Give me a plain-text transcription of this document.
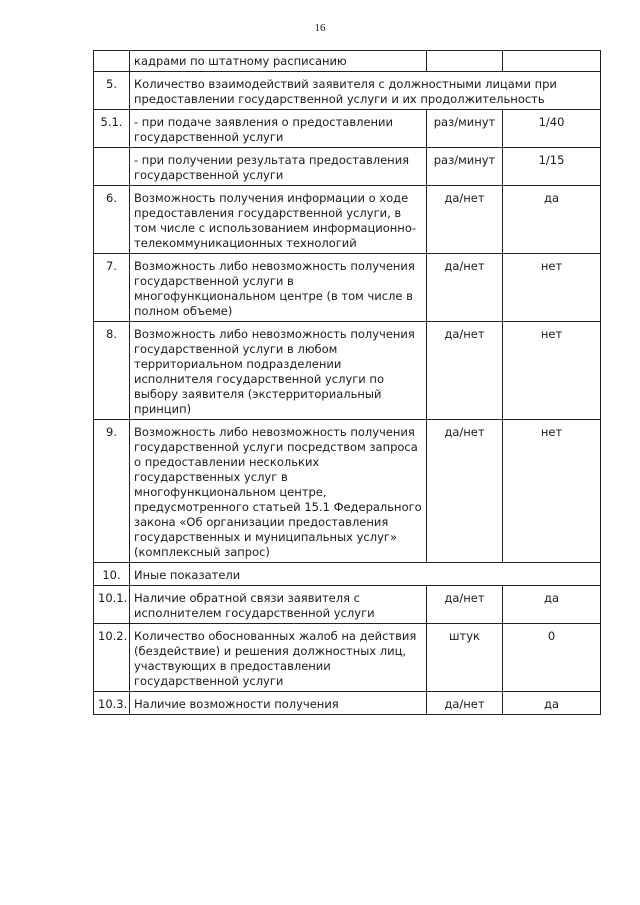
16
	кадрами по штатному расписанию		
5.	Количество взаимодействий заявителя с должностными лицами при предоставлении государственной услуги и их продолжительность		
5.1.	- при подаче заявления о предоставлении государственной услуги	раз/минут	1/40
	- при получении результата предоставления государственной услуги	раз/минут	1/15
6.	Возможность получения информации о ходе предоставления государственной услуги, в том числе с использованием информационно-телекоммуникационных технологий	да/нет	да
7.	Возможность либо невозможность получения государственной услуги в многофункциональном центре (в том числе в полном объеме)	да/нет	нет
8.	Возможность либо невозможность получения государственной услуги в любом территориальном подразделении исполнителя государственной услуги по выбору заявителя (экстерриториальный принцип)	да/нет	нет
9.	Возможность либо невозможность получения государственной услуги посредством запроса о предоставлении нескольких государственных услуг в многофункциональном центре, предусмотренного статьей 15.1 Федерального закона «Об организации предоставления государственных и муниципальных услуг» (комплексный запрос)	да/нет	нет
10.	Иные показатели		
10.1.	Наличие обратной связи заявителя с исполнителем государственной услуги	да/нет	да
10.2.	Количество обоснованных жалоб на действия (бездействие) и решения должностных лиц, участвующих в предоставлении государственной услуги	штук	0
10.3.	Наличие возможности получения	да/нет	да
